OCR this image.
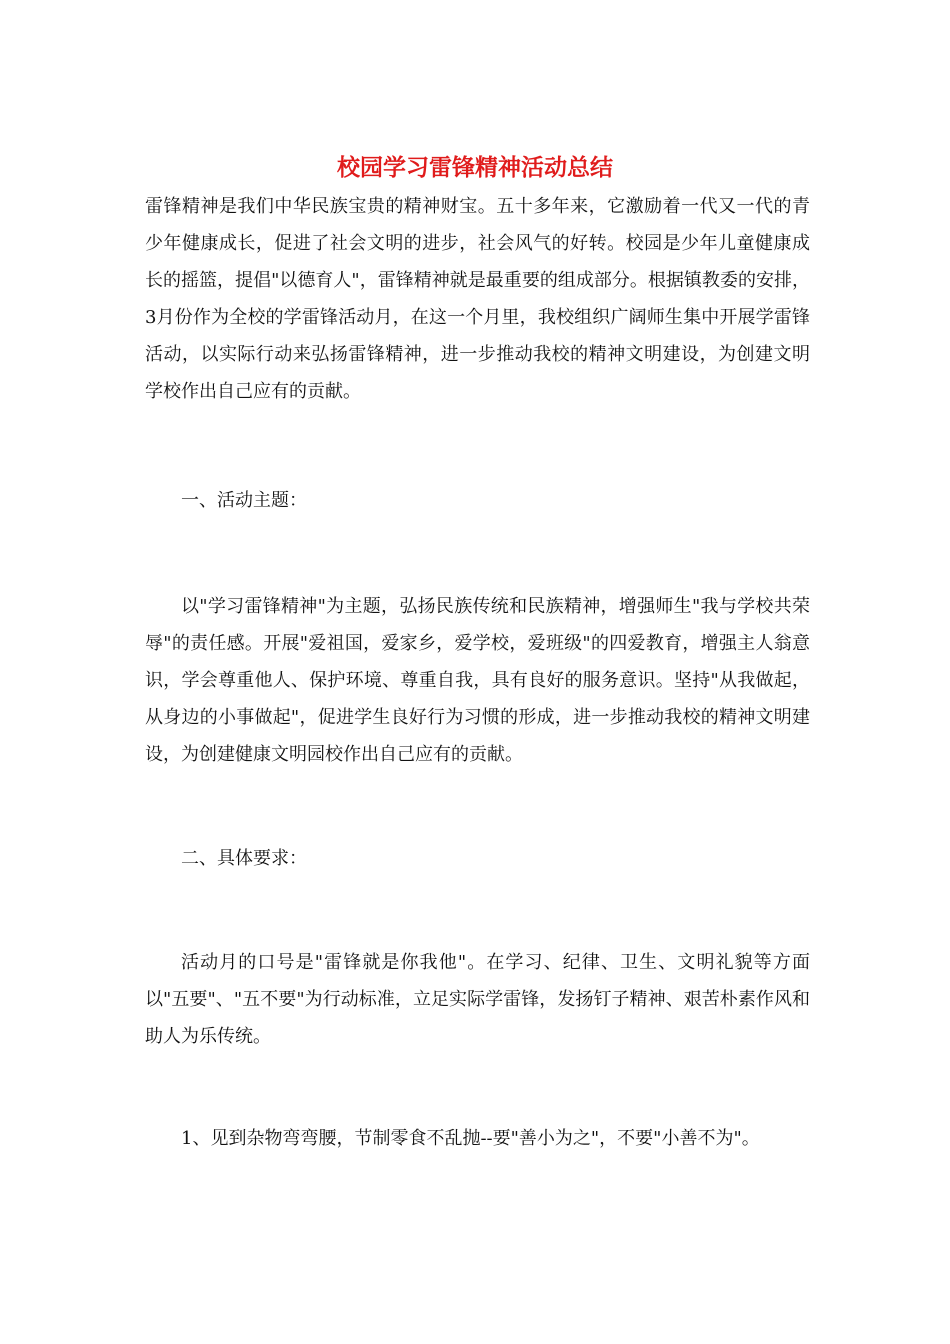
校园学习雷锋精神活动总结

雷锋精神是我们中华民族宝贵的精神财宝。五十多年来，它激励着一代又一代的青少年健康成长，促进了社会文明的进步，社会风气的好转。校园是少年儿童健康成长的摇篮，提倡"以德育人"，雷锋精神就是最重要的组成部分。根据镇教委的安排，3月份作为全校的学雷锋活动月，在这一个月里，我校组织广阔师生集中开展学雷锋活动，以实际行动来弘扬雷锋精神，进一步推动我校的精神文明建设，为创建文明学校作出自己应有的贡献。

一、活动主题：

以"学习雷锋精神"为主题，弘扬民族传统和民族精神，增强师生"我与学校共荣辱"的责任感。开展"爱祖国，爱家乡，爱学校，爱班级"的四爱教育，增强主人翁意识，学会尊重他人、保护环境、尊重自我，具有良好的服务意识。坚持"从我做起，从身边的小事做起"，促进学生良好行为习惯的形成，进一步推动我校的精神文明建设，为创建健康文明园校作出自己应有的贡献。

二、具体要求：

活动月的口号是"雷锋就是你我他"。在学习、纪律、卫生、文明礼貌等方面以"五要"、"五不要"为行动标准，立足实际学雷锋，发扬钉子精神、艰苦朴素作风和助人为乐传统。

1、见到杂物弯弯腰，节制零食不乱抛--要"善小为之"，不要"小善不为"。
